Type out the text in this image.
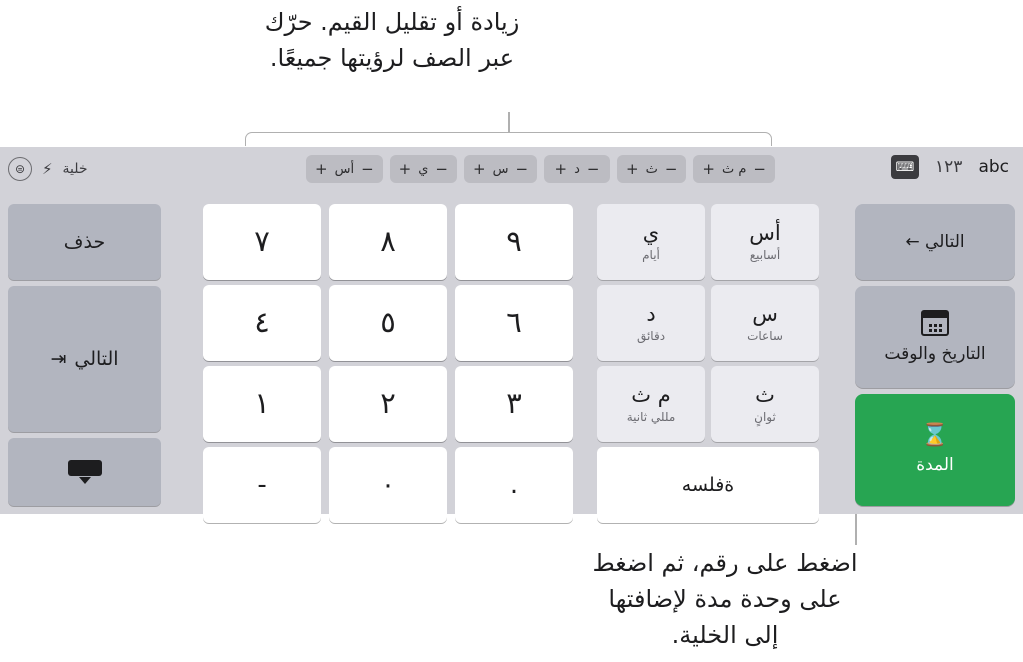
زيادة أو تقليل القيم. حرّك عبر الصف لرؤيتها جميعًا.
اضغط على رقم، ثم اضغط على وحدة مدة لإضافتها إلى الخلية.
خلية
⚡
⊜	+ م ث −
+ ث −
+ د −
+ س −
+ ي −
+ أس −	⌨ ١٢٣ abc
حذف
التالي
⇥
٧	٨	٩
٤	٥	٦
١	٢	٣
‑	٠	.
ي
أيام
أس
أسابيع
د
دقائق
س
ساعات
م ث
مللي ثانية
ث
ثوانٍ
ةفلسه
التالي ←
التاريخ والوقت
⌛
المدة
